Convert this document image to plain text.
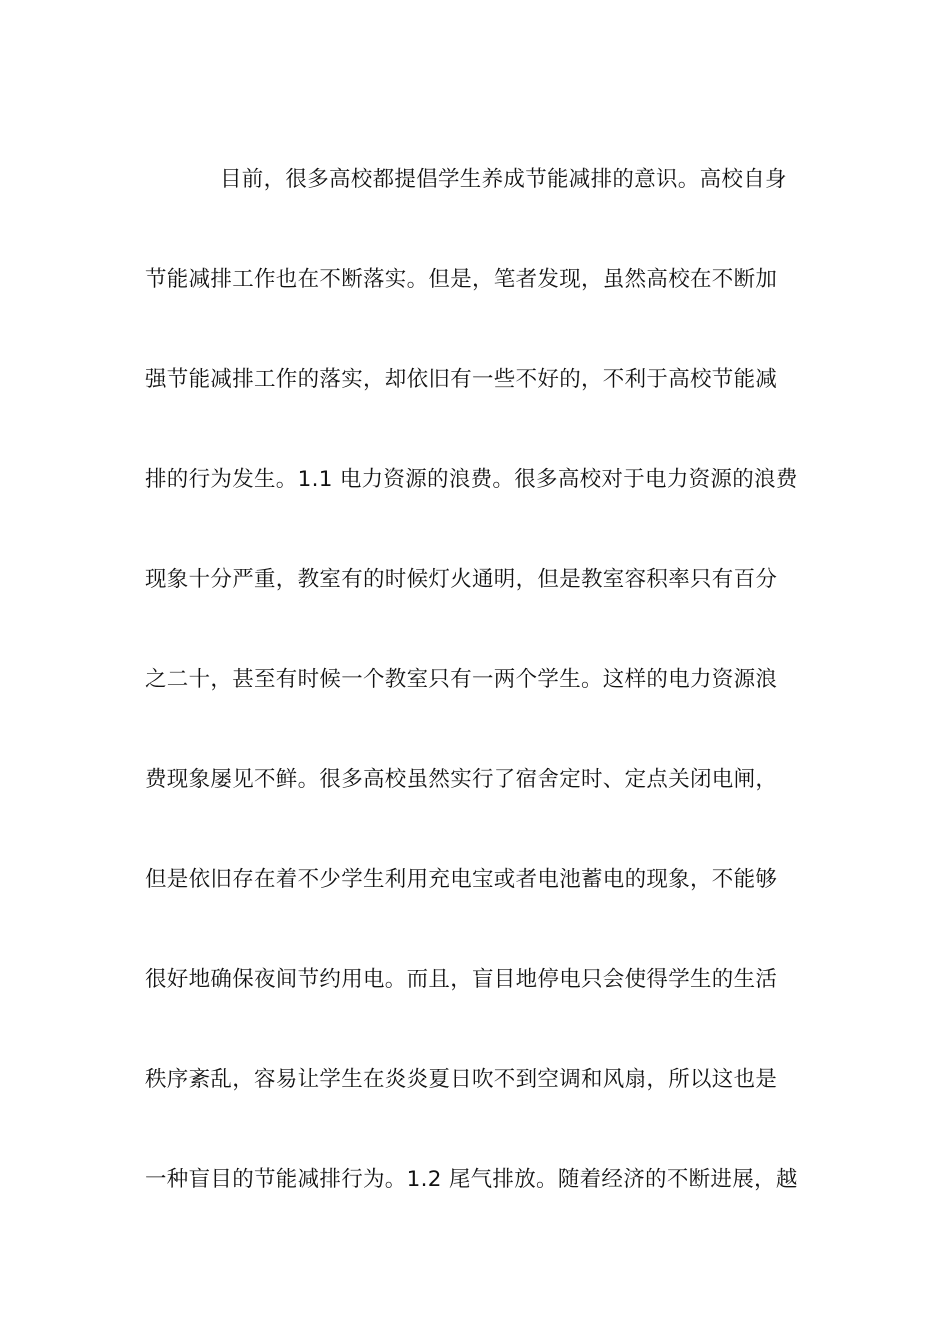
目前，很多高校都提倡学生养成节能减排的意识。高校自身
节能减排工作也在不断落实。但是，笔者发现，虽然高校在不断加
强节能减排工作的落实，却依旧有一些不好的，不利于高校节能减
排的行为发生。1.1 电力资源的浪费。很多高校对于电力资源的浪费
现象十分严重，教室有的时候灯火通明，但是教室容积率只有百分
之二十，甚至有时候一个教室只有一两个学生。这样的电力资源浪
费现象屡见不鲜。很多高校虽然实行了宿舍定时、定点关闭电闸，
但是依旧存在着不少学生利用充电宝或者电池蓄电的现象，不能够
很好地确保夜间节约用电。而且，盲目地停电只会使得学生的生活
秩序紊乱，容易让学生在炎炎夏日吹不到空调和风扇，所以这也是
一种盲目的节能减排行为。1.2 尾气排放。随着经济的不断进展，越
